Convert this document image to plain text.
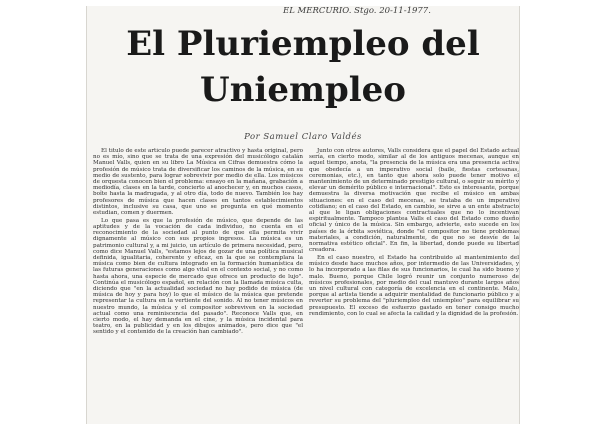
EL MERCURIO. Stgo. 20-11-1977.
El Pluriempleo del
Uniempleo
Por Samuel Claro Valdés

El título de este artículo puede parecer atractivo y hasta original, pero no es mío, sino que se trata de una expresión del musicólogo catalán Manuel Valls, quien en su libro La Música en Cifras demuestra cómo la profesión de músico trata de diversificar los caminos de la música, en su medio de sustento, para lograr sobrevivir por medio de ella. Los músicos de orquesta conocen bien el problema: ensayo en la mañana, grabación a mediodía, clases en la tarde, concierto al anochecer y, en muchos casos, boîte hasta la madrugada, y al otro día, todo de nuevo. También los hay profesores de música que hacen clases en tantos establecimientos distintos, inclusive su casa, que uno se pregunta en qué momento estudian, comen y duermen.

Lo que pasa es que la profesión de músico, que depende de las aptitudes y de la vocación de cada individuo, no cuenta en el reconocimiento de la sociedad al punto de que ella permita vivir dignamente al músico con sus propios ingresos. La música es un patrimonio cultural y, a mi juicio, un artículo de primera necesidad, pero, como dice Manuel Valls, "estamos lejos de gozar de una política musical definida, igualitaria, coherente y eficaz, en la que se contemplara la música como bien de cultura integrado en la formación humanística de las futuras generaciones como algo vital en el contexto social, y no como hasta ahora, una especie de mercado que ofrece un producto de lujo". Continúa el musicólogo español, en relación con la llamada música culta, diciendo que "en la actualidad sociedad no hay podido de música (de música de hoy y para hoy) lo que el músico de la música que pretende representar la cultura en la vertiente del sonido. Al no tener músicos en nuestro mundo, la música y el compositor sobreviven en la sociedad actual como una reminiscencia del pasado". Reconoce Valls que, en cierto modo, el hay demanda en el cine, y la música incidental para teatro, en la publicidad y en los dibujos animados, pero dice que "el sentido y el contenido de la creación han cambiado".

Junto con otros autores, Valls considera que el papel del Estado actual sería, en cierto modo, similar al de los antiguos mecenas, aunque en aquel tiempo, anota, "la presencia de la música era una presencia activa que obedecía a un imperativo social (baile, fiestas cortesanas, ceremonias, etc.), en tanto que ahora solo puede tener motivo el mantenimiento de un determinado prestigio cultural, o seguir su mérito y elevar un demérito público e internacional". Esto es interesante, porque demuestra la diversa motivación que recibe el músico en ambas situaciones: en el caso del mecenas, se trataba de un imperativo cotidiano; en el caso del Estado, en cambio, se sirve a un ente abstracto al que le ligan obligaciones contractuales que no lo incentivan espiritualmente. Tampoco plantea Valls el caso del Estado como dueño oficial y único de la música. Sin embargo, advierte, esto sucede en los países de la órbita soviética, donde "el compositor no tiene problemas materiales, a condición, naturalmente, de que no se desvíe de la normativa estético oficial". En fin, la libertad, donde puede su libertad creadora.

En el caso nuestro, el Estado ha contribuido al mantenimiento del músico desde hace muchos años, por intermedio de las Universidades, y lo ha incorporado a las filas de sus funcionarios, le cual ha sido bueno y malo. Bueno, porque Chile logró reunir un conjunto numeroso de músicos profesionales, por medio del cual mantuvo durante largos años un nivel cultural con categoría de excelencia en el continente. Malo, porque al artista tiende a adquirir mentalidad de funcionario público y a reverter su problema del "pluriempleo del uniempleo" para equilibrar su presupuesto. El exceso de esfuerzo gastado en tener consigo mucho rendimiento, con lo cual se afecta la calidad y la dignidad de la profesión.
